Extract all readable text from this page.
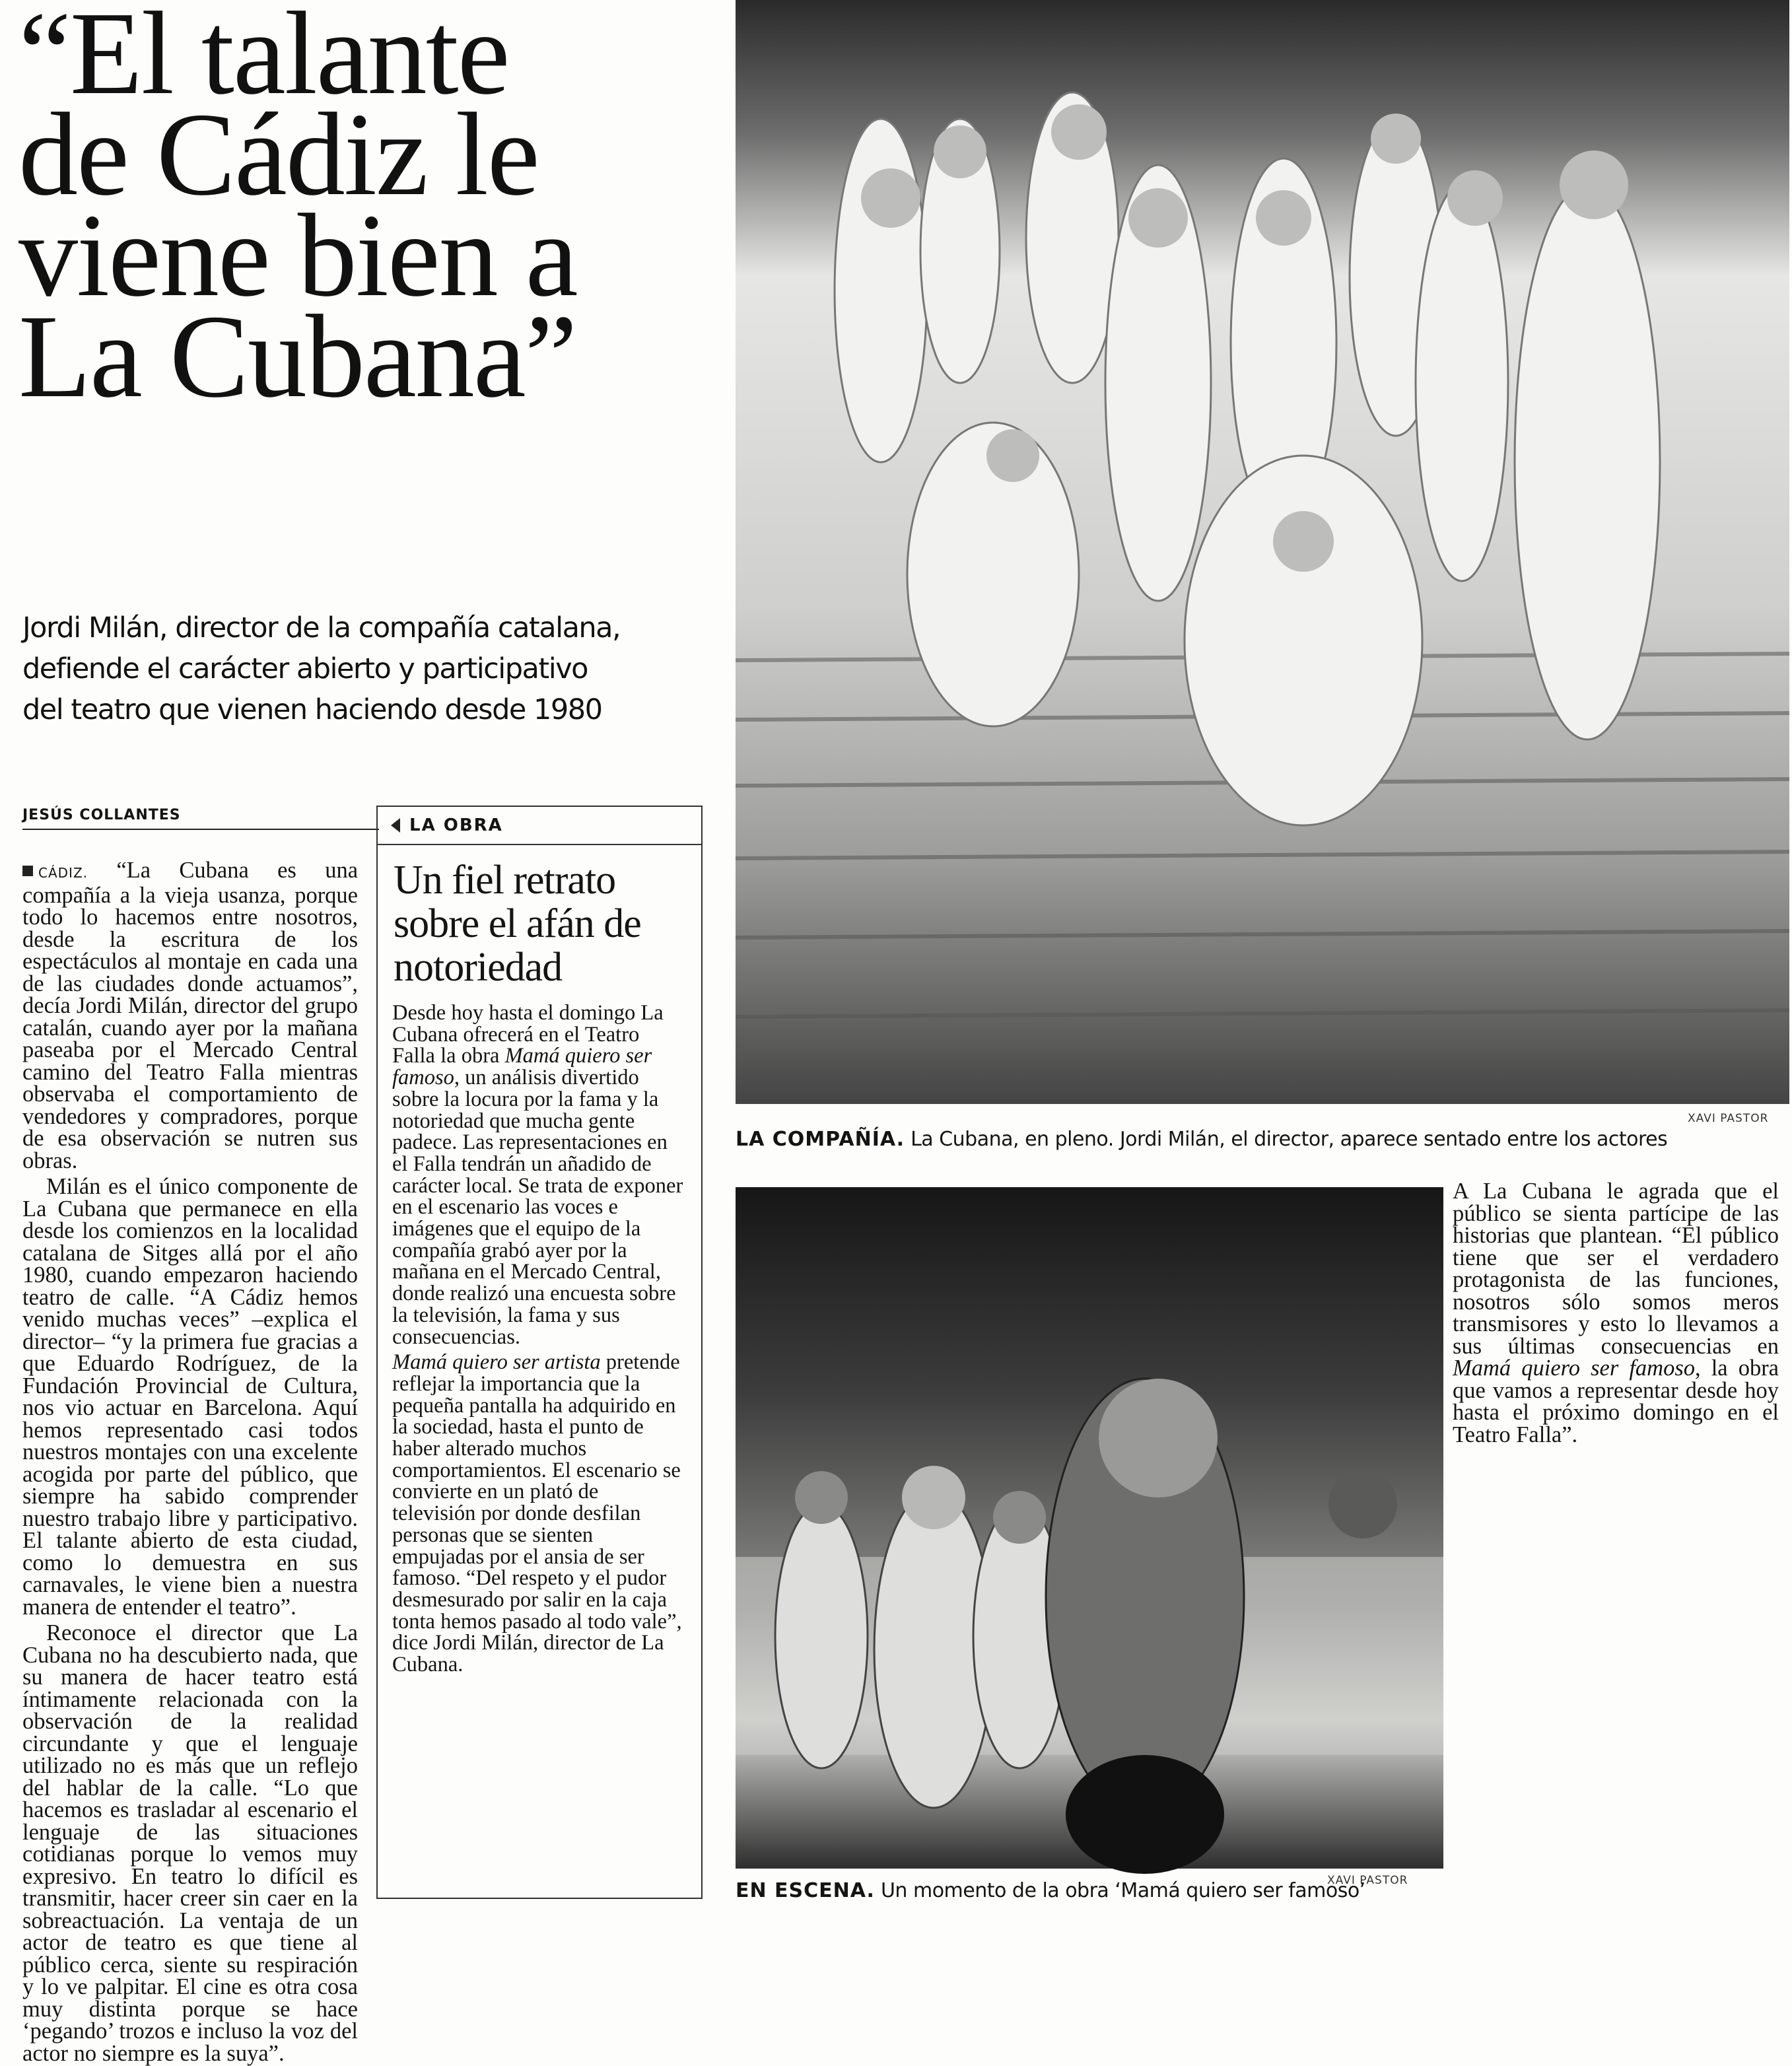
“El talante
de Cádiz le
viene bien a
La Cubana”
Jordi Milán, director de la compañía catalana,
defiende el carácter abierto y participativo
del teatro que vienen haciendo desde 1980
JESÚS COLLANTES

CÁDIZ. “La Cubana es una compañía a la vieja usanza, porque todo lo hacemos entre nosotros, desde la escritura de los espectáculos al montaje en cada una de las ciudades donde actuamos”, decía Jordi Milán, director del grupo catalán, cuando ayer por la mañana paseaba por el Mercado Central camino del Teatro Falla mientras observaba el comportamiento de vendedores y compradores, porque de esa observación se nutren sus obras.

Milán es el único componente de La Cubana que permanece en ella desde los comienzos en la localidad catalana de Sitges allá por el año 1980, cuando empezaron haciendo teatro de calle. “A Cádiz hemos venido muchas veces” –explica el director– “y la primera fue gracias a que Eduardo Rodríguez, de la Fundación Provincial de Cultura, nos vio actuar en Barcelona. Aquí hemos representado casi todos nuestros montajes con una excelente acogida por parte del público, que siempre ha sabido comprender nuestro trabajo libre y participativo. El talante abierto de esta ciudad, como lo demuestra en sus carnavales, le viene bien a nuestra manera de entender el teatro”.

Reconoce el director que La Cubana no ha descubierto nada, que su manera de hacer teatro está íntimamente relacionada con la observación de la realidad circundante y que el lenguaje utilizado no es más que un reflejo del hablar de la calle. “Lo que hacemos es trasladar al escenario el lenguaje de las situaciones cotidianas porque lo vemos muy expresivo. En teatro lo difícil es transmitir, hacer creer sin caer en la sobreactuación. La ventaja de un actor de teatro es que tiene al público cerca, siente su respiración y lo ve palpitar. El cine es otra cosa muy distinta porque se hace ‘pegando’ trozos e incluso la voz del actor no siempre es la suya”.

LA OBRA
Un fiel retrato sobre el afán de notoriedad

Desde hoy hasta el domingo La Cubana ofrecerá en el Teatro Falla la obra Mamá quiero ser famoso, un análisis divertido sobre la locura por la fama y la notoriedad que mucha gente padece. Las representaciones en el Falla tendrán un añadido de carácter local. Se trata de exponer en el escenario las voces e imágenes que el equipo de la compañía grabó ayer por la mañana en el Mercado Central, donde realizó una encuesta sobre la televisión, la fama y sus consecuencias.

Mamá quiero ser artista pretende reflejar la importancia que la pequeña pantalla ha adquirido en la sociedad, hasta el punto de haber alterado muchos comportamientos. El escenario se convierte en un plató de televisión por donde desfilan personas que se sienten empujadas por el ansia de ser famoso. “Del respeto y el pudor desmesurado por salir en la caja tonta hemos pasado al todo vale”, dice Jordi Milán, director de La Cubana.

XAVI PASTOR
LA COMPAÑÍA. La Cubana, en pleno. Jordi Milán, el director, aparece sentado entre los actores
XAVI PASTOR
EN ESCENA. Un momento de la obra ‘Mamá quiero ser famoso’

A La Cubana le agrada que el público se sienta partícipe de las historias que plantean. “El público tiene que ser el verdadero protagonista de las funciones, nosotros sólo somos meros transmisores y esto lo llevamos a sus últimas consecuencias en Mamá quiero ser famoso, la obra que vamos a representar desde hoy hasta el próximo domingo en el Teatro Falla”.
